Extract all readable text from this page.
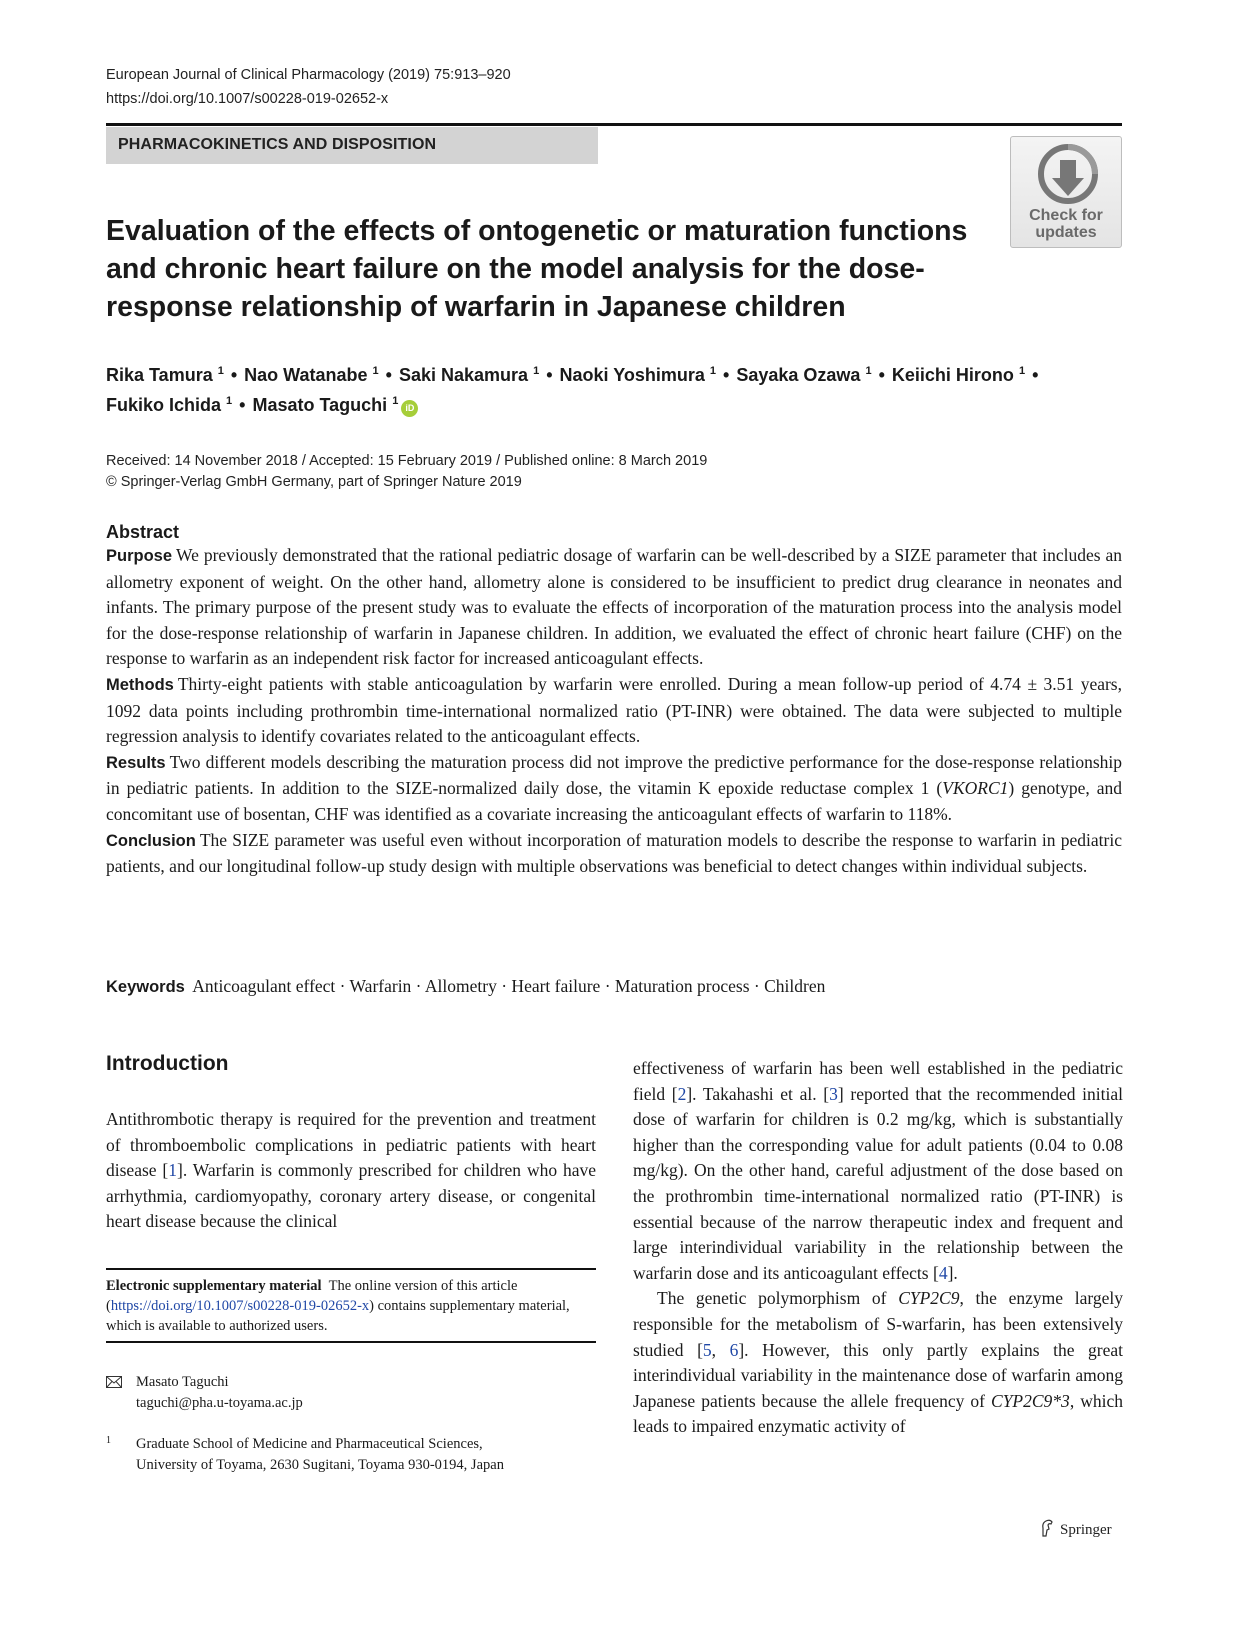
European Journal of Clinical Pharmacology (2019) 75:913–920
https://doi.org/10.1007/s00228-019-02652-x
PHARMACOKINETICS AND DISPOSITION
Check for
updates
Evaluation of the effects of ontogenetic or maturation functions and chronic heart failure on the model analysis for the dose-response relationship of warfarin in Japanese children
Rika Tamura $^1$ • Nao Watanabe $^1$ • Saki Nakamura $^1$ • Naoki Yoshimura $^1$ • Sayaka Ozawa $^1$ • Keiichi Hirono $^1$ •
Fukiko Ichida $^1$ • Masato Taguchi $^1$iD
Received: 14 November 2018 / Accepted: 15 February 2019 / Published online: 8 March 2019
© Springer-Verlag GmbH Germany, part of Springer Nature 2019
Abstract

Purpose We previously demonstrated that the rational pediatric dosage of warfarin can be well-described by a SIZE parameter that includes an allometry exponent of weight. On the other hand, allometry alone is considered to be insufficient to predict drug clearance in neonates and infants. The primary purpose of the present study was to evaluate the effects of incorporation of the maturation process into the analysis model for the dose-response relationship of warfarin in Japanese children. In addition, we evaluated the effect of chronic heart failure (CHF) on the response to warfarin as an independent risk factor for increased anticoagulant effects.

Methods Thirty-eight patients with stable anticoagulation by warfarin were enrolled. During a mean follow-up period of 4.74 ± 3.51 years, 1092 data points including prothrombin time-international normalized ratio (PT-INR) were obtained. The data were subjected to multiple regression analysis to identify covariates related to the anticoagulant effects.

Results Two different models describing the maturation process did not improve the predictive performance for the dose-response relationship in pediatric patients. In addition to the SIZE-normalized daily dose, the vitamin K epoxide reductase complex 1 (VKORC1) genotype, and concomitant use of bosentan, CHF was identified as a covariate increasing the anticoagulant effects of warfarin to 118%.

Conclusion The SIZE parameter was useful even without incorporation of maturation models to describe the response to warfarin in pediatric patients, and our longitudinal follow-up study design with multiple observations was beneficial to detect changes within individual subjects.

Keywords Anticoagulant effect · Warfarin · Allometry · Heart failure · Maturation process · Children
Introduction

Antithrombotic therapy is required for the prevention and treatment of thromboembolic complications in pediatric patients with heart disease [1]. Warfarin is commonly prescribed for children who have arrhythmia, cardiomyopathy, coronary artery disease, or congenital heart disease because the clinical

effectiveness of warfarin has been well established in the pediatric field [2]. Takahashi et al. [3] reported that the recommended initial dose of warfarin for children is 0.2 mg/kg, which is substantially higher than the corresponding value for adult patients (0.04 to 0.08 mg/kg). On the other hand, careful adjustment of the dose based on the prothrombin time-international normalized ratio (PT-INR) is essential because of the narrow therapeutic index and frequent and large interindividual variability in the relationship between the warfarin dose and its anticoagulant effects [4].

The genetic polymorphism of CYP2C9, the enzyme largely responsible for the metabolism of S-warfarin, has been extensively studied [5, 6]. However, this only partly explains the great interindividual variability in the maintenance dose of warfarin among Japanese patients because the allele frequency of CYP2C9*3, which leads to impaired enzymatic activity of

Electronic supplementary material The online version of this article (https://doi.org/10.1007/s00228-019-02652-x) contains supplementary material, which is available to authorized users.
Masato Taguchi
taguchi@pha.u-toyama.ac.jp
1 Graduate School of Medicine and Pharmaceutical Sciences,
University of Toyama, 2630 Sugitani, Toyama 930-0194, Japan
Springer
